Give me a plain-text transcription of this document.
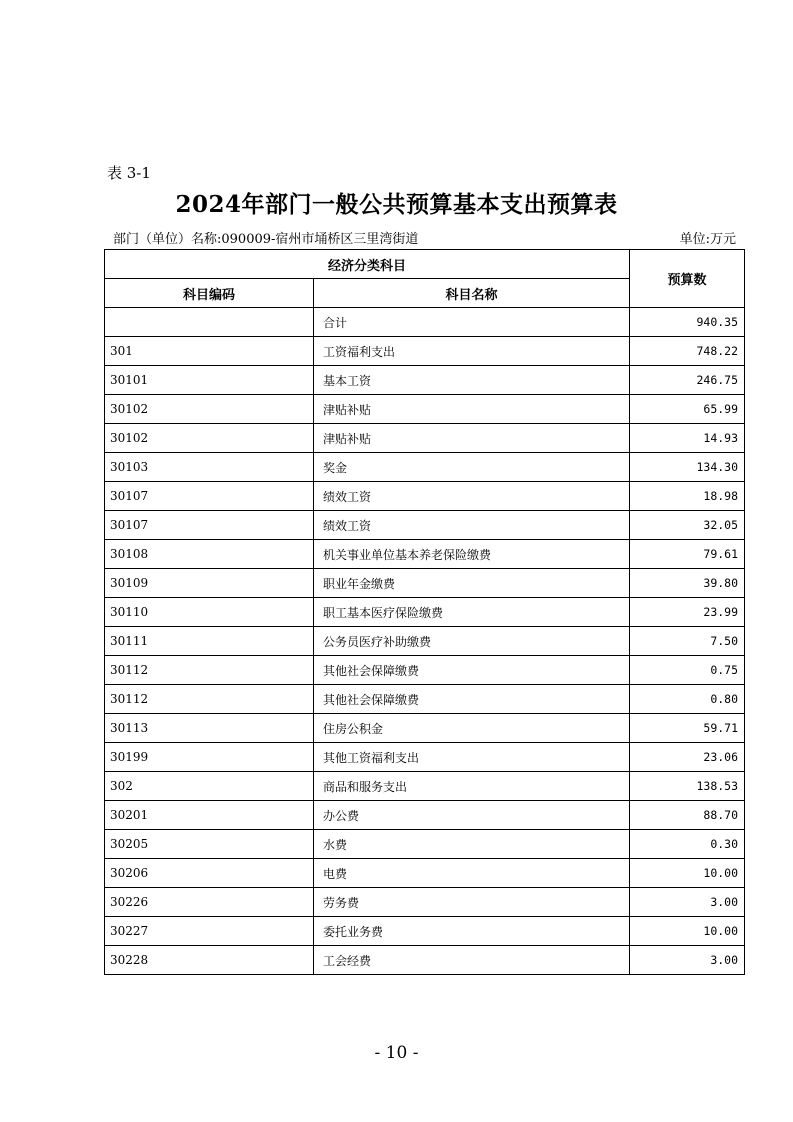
表 3-1
2024年部门一般公共预算基本支出预算表
部门（单位）名称:090009-宿州市埇桥区三里湾街道	单位:万元
经济分类科目		预算数
科目编码	科目名称	
	合计	940.35
301	工资福利支出	748.22
30101	基本工资	246.75
30102	津贴补贴	65.99
30102	津贴补贴	14.93
30103	奖金	134.30
30107	绩效工资	18.98
30107	绩效工资	32.05
30108	机关事业单位基本养老保险缴费	79.61
30109	职业年金缴费	39.80
30110	职工基本医疗保险缴费	23.99
30111	公务员医疗补助缴费	7.50
30112	其他社会保障缴费	0.75
30112	其他社会保障缴费	0.80
30113	住房公积金	59.71
30199	其他工资福利支出	23.06
302	商品和服务支出	138.53
30201	办公费	88.70
30205	水费	0.30
30206	电费	10.00
30226	劳务费	3.00
30227	委托业务费	10.00
30228	工会经费	3.00
- 10 -
